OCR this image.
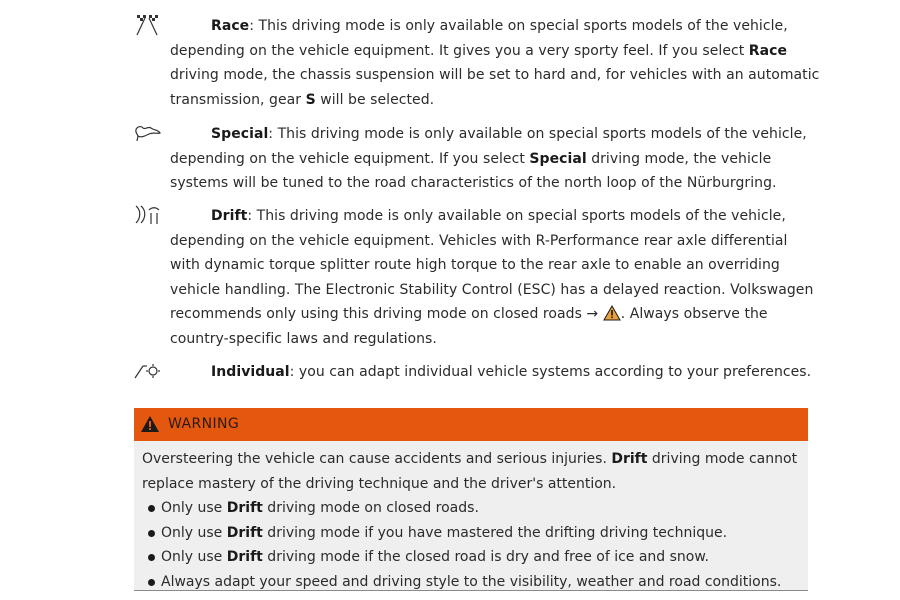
Race: This driving mode is only available on special sports models of the vehicle, depending on the vehicle equipment. It gives you a very sporty feel. If you select Race driving mode, the chassis suspension will be set to hard and, for vehicles with an automatic transmission, gear S will be selected.
Special: This driving mode is only available on special sports models of the vehicle, depending on the vehicle equipment. If you select Special driving mode, the vehicle systems will be tuned to the road characteristics of the north loop of the Nürburgring.
Drift: This driving mode is only available on special sports models of the vehicle, depending on the vehicle equipment. Vehicles with R-Performance rear axle differential with dynamic torque splitter route high torque to the rear axle to enable an overriding vehicle handling. The Electronic Stability Control (ESC) has a delayed reaction. Volkswagen recommends only using this driving mode on closed roads → . Always observe the country-specific laws and regulations.
Individual: you can adapt individual vehicle systems according to your preferences.
WARNING
Oversteering the vehicle can cause accidents and serious injuries. Drift driving mode cannot replace mastery of the driving technique and the driver's attention.
Only use Drift driving mode on closed roads.
Only use Drift driving mode if you have mastered the drifting driving technique.
Only use Drift driving mode if the closed road is dry and free of ice and snow.
Always adapt your speed and driving style to the visibility, weather and road conditions.
